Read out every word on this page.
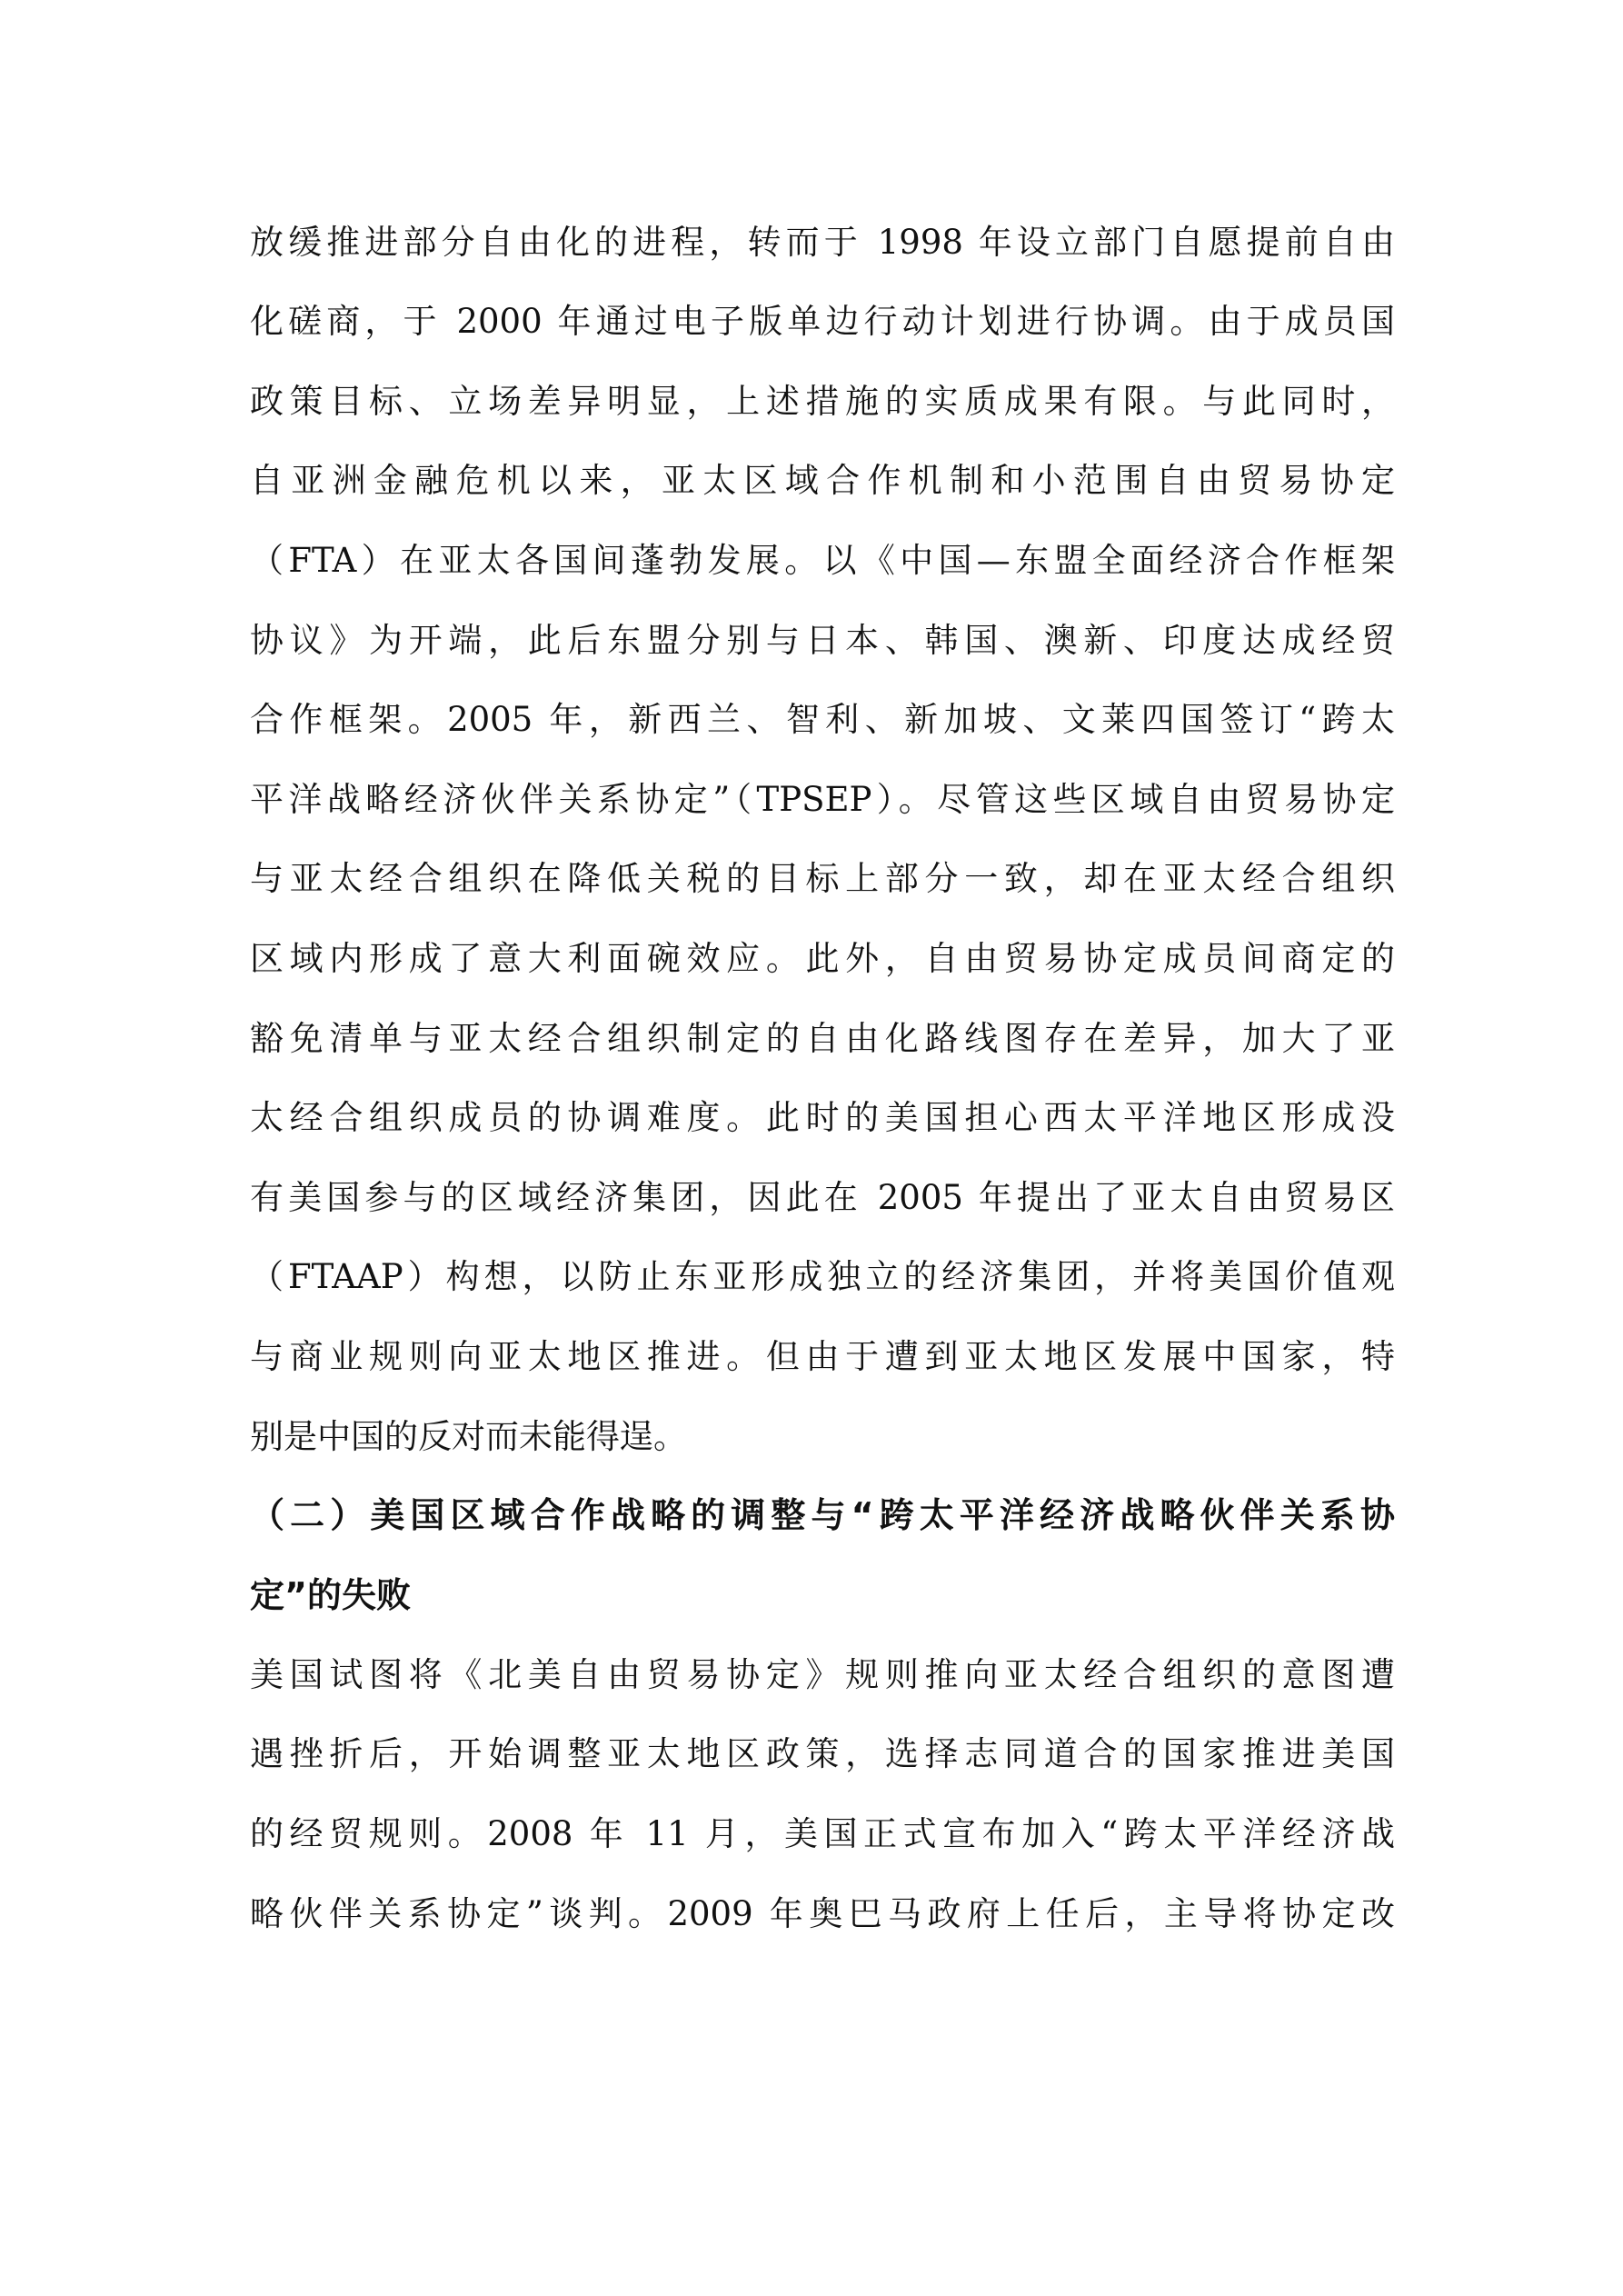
放缓推进部分自由化的进程，转而于 1998 年设立部门自愿提前自由
化磋商，于 2000 年通过电子版单边行动计划进行协调。由于成员国
政策目标、立场差异明显，上述措施的实质成果有限。与此同时，
自亚洲金融危机以来，亚太区域合作机制和小范围自由贸易协定
（FTA）在亚太各国间蓬勃发展。以《中国—东盟全面经济合作框架
协议》为开端，此后东盟分别与日本、韩国、澳新、印度达成经贸
合作框架。2005 年，新西兰、智利、新加坡、文莱四国签订“跨太
平洋战略经济伙伴关系协定”（TPSEP）。尽管这些区域自由贸易协定
与亚太经合组织在降低关税的目标上部分一致，却在亚太经合组织
区域内形成了意大利面碗效应。此外，自由贸易协定成员间商定的
豁免清单与亚太经合组织制定的自由化路线图存在差异，加大了亚
太经合组织成员的协调难度。此时的美国担心西太平洋地区形成没
有美国参与的区域经济集团，因此在 2005 年提出了亚太自由贸易区
（FTAAP）构想，以防止东亚形成独立的经济集团，并将美国价值观
与商业规则向亚太地区推进。但由于遭到亚太地区发展中国家，特
别是中国的反对而未能得逞。
（二）美国区域合作战略的调整与“跨太平洋经济战略伙伴关系协
定”的失败
美国试图将《北美自由贸易协定》规则推向亚太经合组织的意图遭
遇挫折后，开始调整亚太地区政策，选择志同道合的国家推进美国
的经贸规则。2008 年 11 月，美国正式宣布加入“跨太平洋经济战
略伙伴关系协定”谈判。2009 年奥巴马政府上任后，主导将协定改
